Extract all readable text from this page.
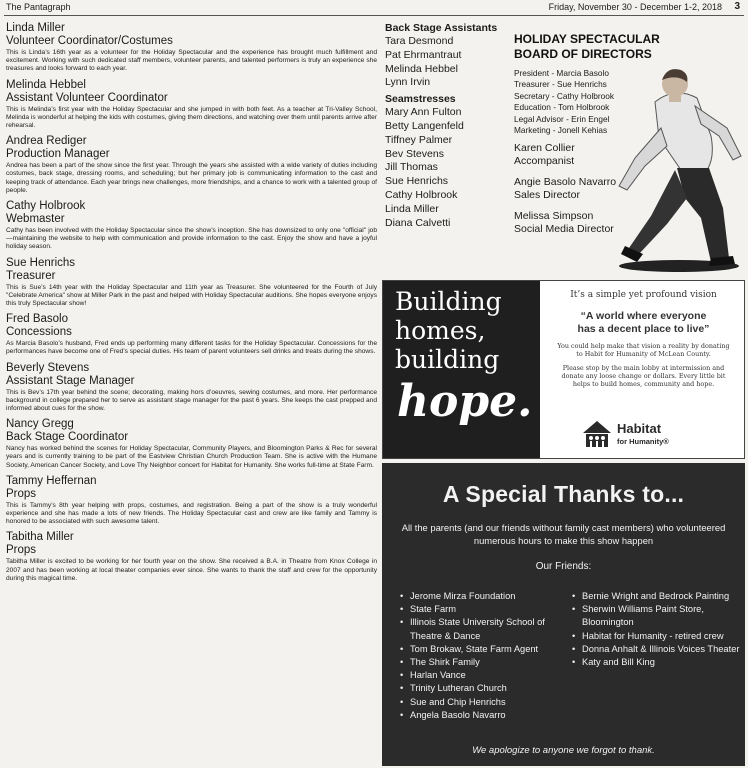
The Pantagraph	Friday, November 30 - December 1-2, 2018 3
Linda Miller
Volunteer Coordinator/Costumes
This is Linda’s 16th year as a volunteer for the Holiday Spectacular and the experience has brought much fulfillment and excitement. Working with such dedicated staff members, volunteer parents, and talented performers is truly an experience she treasures and looks forward to each year.
Melinda Hebbel
Assistant Volunteer Coordinator
This is Melinda’s first year with the Holiday Spectacular and she jumped in with both feet. As a teacher at Tri-Valley School, Melinda is wonderful at helping the kids with costumes, giving them directions, and watching over them until parents arrive after rehearsal.
Andrea Rediger
Production Manager
Andrea has been a part of the show since the first year. Through the years she assisted with a wide variety of duties including costumes, back stage, dressing rooms, and scheduling; but her primary job is communicating information to the cast and keeping track of attendance. Each year brings new challenges, more friendships, and a chance to work with a talented group of people.
Cathy Holbrook
Webmaster
Cathy has been involved with the Holiday Spectacular since the show’s inception. She has downsized to only one "official" job—maintaining the website to help with communication and provide information to the cast. Enjoy the show and have a joyful holiday season.
Sue Henrichs
Treasurer
This is Sue’s 14th year with the Holiday Spectacular and 11th year as Treasurer. She volunteered for the Fourth of July "Celebrate America" show at Miller Park in the past and helped with Holiday Spectacular auditions. She hopes everyone enjoys this truly Spectacular show!
Fred Basolo
Concessions
As Marcia Basolo’s husband, Fred ends up performing many different tasks for the Holiday Spectacular. Concessions for the performances have become one of Fred’s special duties. His team of parent volunteers sell drinks and treats during the shows.
Beverly Stevens
Assistant Stage Manager
This is Bev’s 17th year behind the scene; decorating, making hors d’oeuvres, sewing costumes, and more. Her performance background in college prepared her to serve as assistant stage manager for the past 6 years. She keeps the cast prepped and informed about cues for the show.
Nancy Gregg
Back Stage Coordinator
Nancy has worked behind the scenes for Holiday Spectacular, Community Players, and Bloomington Parks & Rec for several years and is currently training to be part of the Eastview Christian Church Production Team. She is active with the Humane Society, American Cancer Society, and Love Thy Neighbor concert for Habitat for Humanity. She works full-time at State Farm.
Tammy Heffernan
Props
This is Tammy’s 8th year helping with props, costumes, and registration. Being a part of the show is a truly wonderful experience and she has made a lots of new friends. The Holiday Spectacular cast and crew are like family and Tammy is honored to be associated with such awesome talent.
Tabitha Miller
Props
Tabitha Miller is excited to be working for her fourth year on the show. She received a B.A. in Theatre from Knox College in 2007 and has been working at local theater companies ever since. She wants to thank the staff and crew for the opportunity during this magical time.
Back Stage Assistants
Tara Desmond
Pat Ehrmantraut
Melinda Hebbel
Lynn Irvin
Seamstresses
Mary Ann Fulton
Betty Langenfeld
Tiffney Palmer
Bev Stevens
Jill Thomas
Sue Henrichs
Cathy Holbrook
Linda Miller
Diana Calvetti
HOLIDAY SPECTACULAR
BOARD OF DIRECTORS
President - Marcia Basolo
Treasurer - Sue Henrichs
Secretary - Cathy Holbrook
Education - Tom Holbrook
Legal Advisor - Erin Engel
Marketing - Jonell Kehias
Karen Collier
Accompanist
Angie Basolo Navarro
Sales Director
Melissa Simpson
Social Media Director
Building
homes,
building
hope.
It’s a simple yet profound vision
“A world where everyone
has a decent place to live”
You could help make that vision a reality by donating to Habit for Humanity of McLean County.
Please stop by the main lobby at intermission and donate any loose change or dollars. Every little bit helps to build homes, community and hope.
Habitat
for Humanity®
A Special Thanks to...
All the parents (and our friends without family cast members) who volunteered numerous hours to make this show happen
Our Friends:
• Jerome Mirza Foundation
• State Farm
• Illinois State University School of Theatre & Dance
• Tom Brokaw, State Farm Agent
• The Shirk Family
• Harlan Vance
• Trinity Lutheran Church
• Sue and Chip Henrichs
• Angela Basolo Navarro
• Bernie Wright and Bedrock Painting
• Sherwin Williams Paint Store, Bloomington
• Habitat for Humanity - retired crew
• Donna Anhalt & Illinois Voices Theater
• Katy and Bill King
We apologize to anyone we forgot to thank.
